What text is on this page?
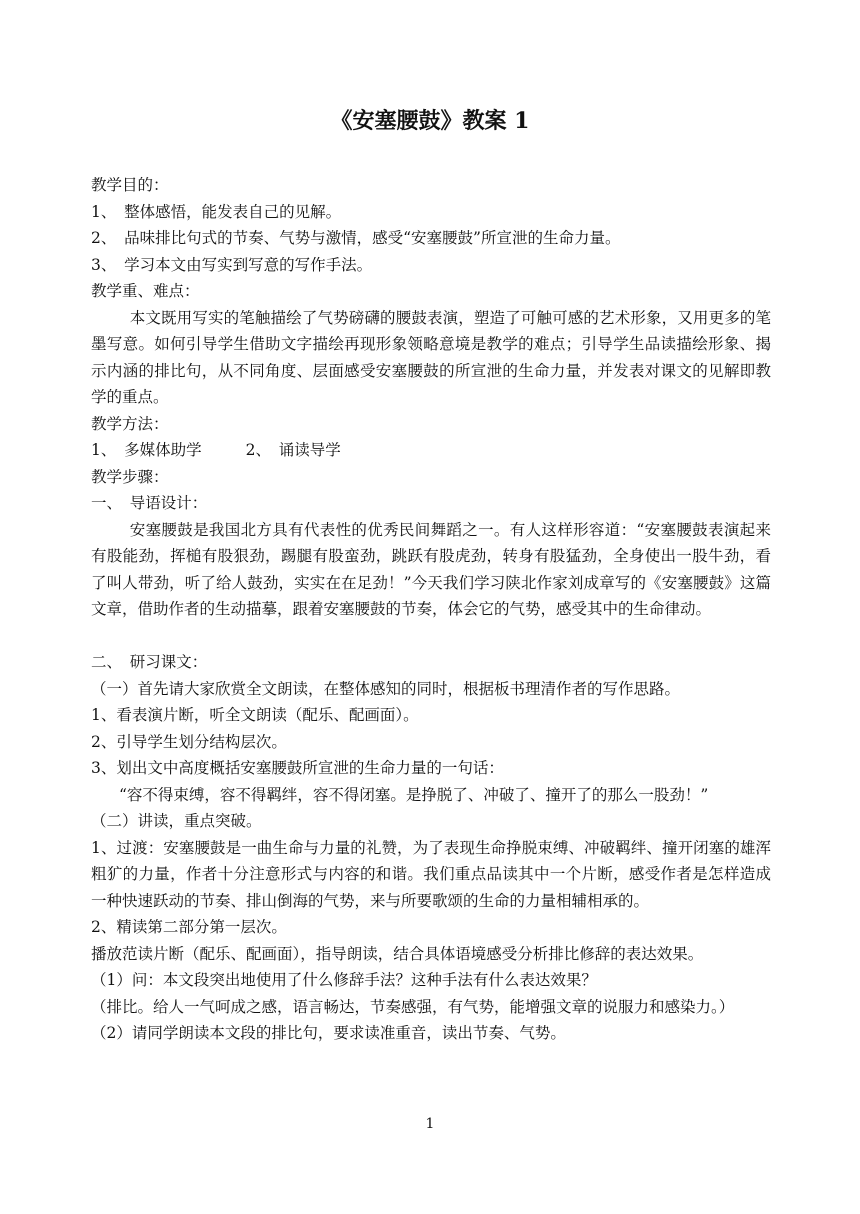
《安塞腰鼓》教案 1
教学目的：
1、　整体感悟，能发表自己的见解。
2、　品味排比句式的节奏、气势与激情，感受“安塞腰鼓”所宣泄的生命力量。
3、　学习本文由写实到写意的写作手法。
教学重、难点：
本文既用写实的笔触描绘了气势磅礴的腰鼓表演，塑造了可触可感的艺术形象，又用更多的笔墨写意。如何引导学生借助文字描绘再现形象领略意境是教学的难点；引导学生品读描绘形象、揭示内涵的排比句，从不同角度、层面感受安塞腰鼓的所宣泄的生命力量，并发表对课文的见解即教学的重点。
教学方法：
1、　多媒体助学	2、　诵读导学
教学步骤：
一、　导语设计：
安塞腰鼓是我国北方具有代表性的优秀民间舞蹈之一。有人这样形容道：“安塞腰鼓表演起来有股能劲，挥槌有股狠劲，踢腿有股蛮劲，跳跃有股虎劲，转身有股猛劲，全身使出一股牛劲，看了叫人带劲，听了给人鼓劲，实实在在足劲！”今天我们学习陕北作家刘成章写的《安塞腰鼓》这篇文章，借助作者的生动描摹，跟着安塞腰鼓的节奏，体会它的气势，感受其中的生命律动。
二、　研习课文：
（一）首先请大家欣赏全文朗读，在整体感知的同时，根据板书理清作者的写作思路。
1、看表演片断，听全文朗读（配乐、配画面）。
2、引导学生划分结构层次。
3、划出文中高度概括安塞腰鼓所宣泄的生命力量的一句话：
“容不得束缚，容不得羁绊，容不得闭塞。是挣脱了、冲破了、撞开了的那么一股劲！”
（二）讲读，重点突破。
1、过渡：安塞腰鼓是一曲生命与力量的礼赞，为了表现生命挣脱束缚、冲破羁绊、撞开闭塞的雄浑粗犷的力量，作者十分注意形式与内容的和谐。我们重点品读其中一个片断，感受作者是怎样造成一种快速跃动的节奏、排山倒海的气势，来与所要歌颂的生命的力量相辅相承的。
2、精读第二部分第一层次。
播放范读片断（配乐、配画面），指导朗读，结合具体语境感受分析排比修辞的表达效果。
（1）问：本文段突出地使用了什么修辞手法？这种手法有什么表达效果？
（排比。给人一气呵成之感，语言畅达，节奏感强，有气势，能增强文章的说服力和感染力。）
（2）请同学朗读本文段的排比句，要求读准重音，读出节奏、气势。
1
